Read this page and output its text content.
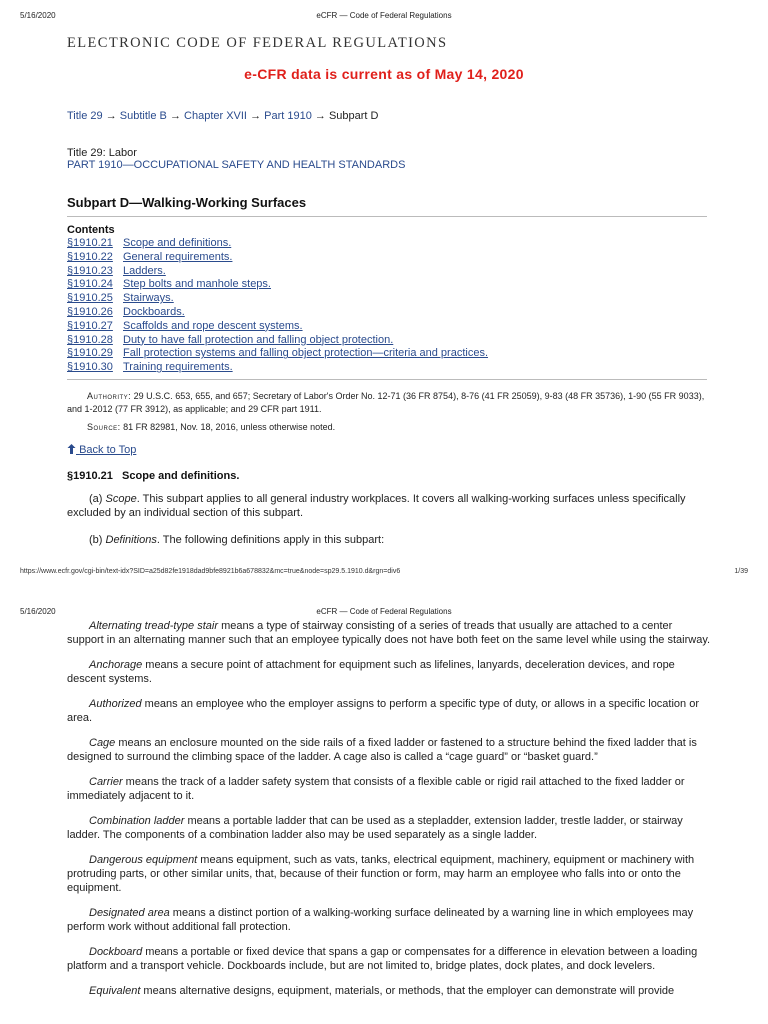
5/16/2020	eCFR — Code of Federal Regulations
ELECTRONIC CODE OF FEDERAL REGULATIONS
e-CFR data is current as of May 14, 2020
Title 29 → Subtitle B → Chapter XVII → Part 1910 → Subpart D
Title 29: Labor
PART 1910—OCCUPATIONAL SAFETY AND HEALTH STANDARDS
Subpart D—Walking-Working Surfaces
Contents
§1910.21 Scope and definitions.
§1910.22 General requirements.
§1910.23 Ladders.
§1910.24 Step bolts and manhole steps.
§1910.25 Stairways.
§1910.26 Dockboards.
§1910.27 Scaffolds and rope descent systems.
§1910.28 Duty to have fall protection and falling object protection.
§1910.29 Fall protection systems and falling object protection—criteria and practices.
§1910.30 Training requirements.
Authority: 29 U.S.C. 653, 655, and 657; Secretary of Labor's Order No. 12-71 (36 FR 8754), 8-76 (41 FR 25059), 9-83 (48 FR 35736), 1-90 (55 FR 9033), and 1-2012 (77 FR 3912), as applicable; and 29 CFR part 1911.
Source: 81 FR 82981, Nov. 18, 2016, unless otherwise noted.
Back to Top
§1910.21   Scope and definitions.
(a) Scope. This subpart applies to all general industry workplaces. It covers all walking-working surfaces unless specifically excluded by an individual section of this subpart.
(b) Definitions. The following definitions apply in this subpart:
https://www.ecfr.gov/cgi-bin/text-idx?SID=a25d82fe1918dad9bfe8921b6a678832&mc=true&node=sp29.5.1910.d&rgn=div6	1/39
5/16/2020	eCFR — Code of Federal Regulations

Alternating tread-type stair means a type of stairway consisting of a series of treads that usually are attached to a center support in an alternating manner such that an employee typically does not have both feet on the same level while using the stairway.

Anchorage means a secure point of attachment for equipment such as lifelines, lanyards, deceleration devices, and rope descent systems.

Authorized means an employee who the employer assigns to perform a specific type of duty, or allows in a specific location or area.

Cage means an enclosure mounted on the side rails of a fixed ladder or fastened to a structure behind the fixed ladder that is designed to surround the climbing space of the ladder. A cage also is called a “cage guard” or “basket guard.”

Carrier means the track of a ladder safety system that consists of a flexible cable or rigid rail attached to the fixed ladder or immediately adjacent to it.

Combination ladder means a portable ladder that can be used as a stepladder, extension ladder, trestle ladder, or stairway ladder. The components of a combination ladder also may be used separately as a single ladder.

Dangerous equipment means equipment, such as vats, tanks, electrical equipment, machinery, equipment or machinery with protruding parts, or other similar units, that, because of their function or form, may harm an employee who falls into or onto the equipment.

Designated area means a distinct portion of a walking-working surface delineated by a warning line in which employees may perform work without additional fall protection.

Dockboard means a portable or fixed device that spans a gap or compensates for a difference in elevation between a loading platform and a transport vehicle. Dockboards include, but are not limited to, bridge plates, dock plates, and dock levelers.

Equivalent means alternative designs, equipment, materials, or methods, that the employer can demonstrate will provide
